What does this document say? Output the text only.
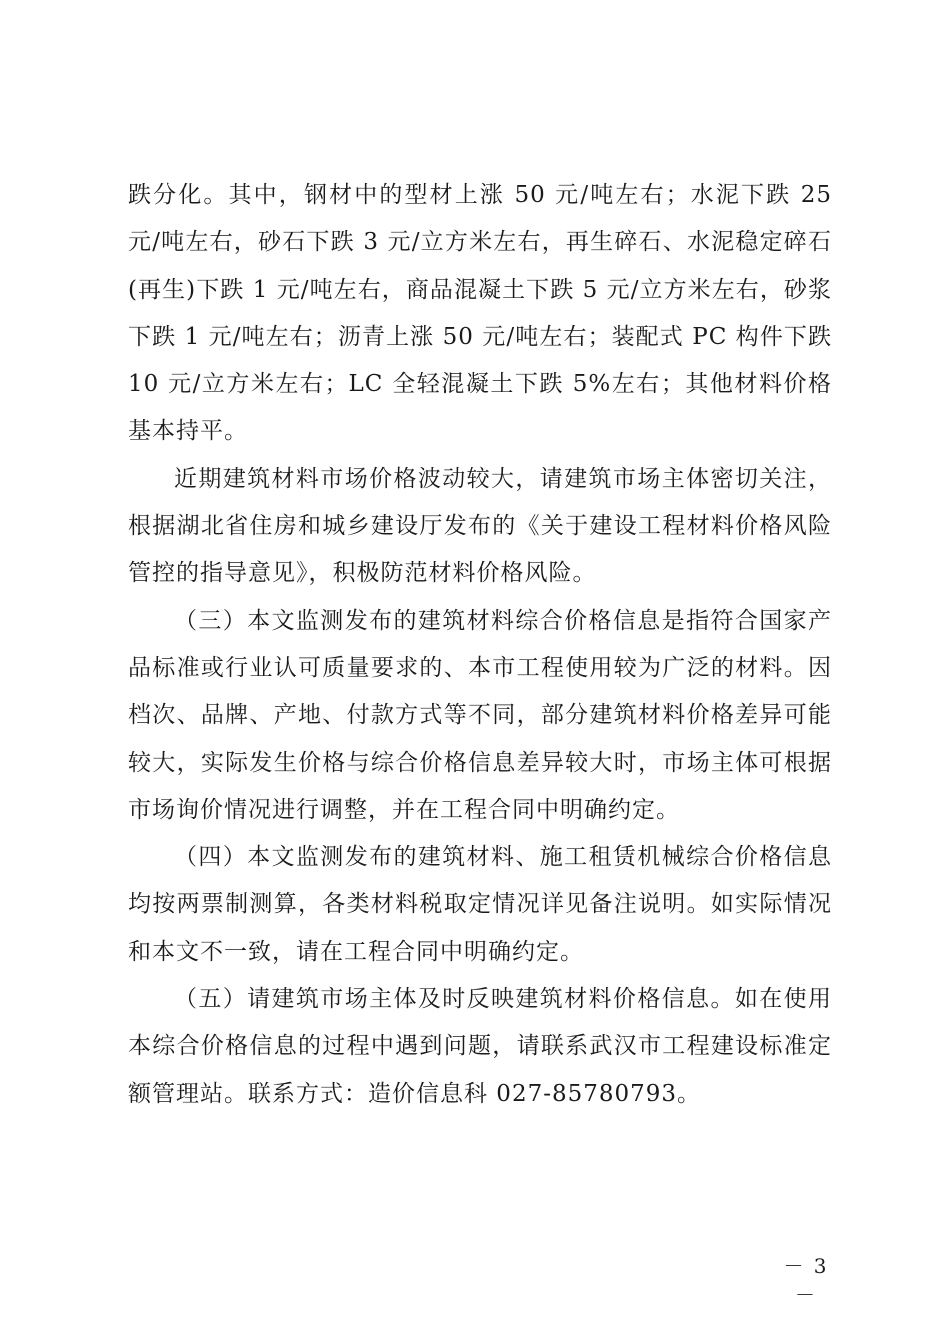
跌分化。其中，钢材中的型材上涨 50 元/吨左右；水泥下跌 25 元/吨左右，砂石下跌 3 元/立方米左右，再生碎石、水泥稳定碎石(再生)下跌 1 元/吨左右，商品混凝土下跌 5 元/立方米左右，砂浆下跌 1 元/吨左右；沥青上涨 50 元/吨左右；装配式 PC 构件下跌 10 元/立方米左右；LC 全轻混凝土下跌 5%左右；其他材料价格基本持平。

近期建筑材料市场价格波动较大，请建筑市场主体密切关注，根据湖北省住房和城乡建设厅发布的《关于建设工程材料价格风险管控的指导意见》，积极防范材料价格风险。

（三）本文监测发布的建筑材料综合价格信息是指符合国家产品标准或行业认可质量要求的、本市工程使用较为广泛的材料。因档次、品牌、产地、付款方式等不同，部分建筑材料价格差异可能较大，实际发生价格与综合价格信息差异较大时，市场主体可根据市场询价情况进行调整，并在工程合同中明确约定。

（四）本文监测发布的建筑材料、施工租赁机械综合价格信息均按两票制测算，各类材料税取定情况详见备注说明。如实际情况和本文不一致，请在工程合同中明确约定。

（五）请建筑市场主体及时反映建筑材料价格信息。如在使用本综合价格信息的过程中遇到问题，请联系武汉市工程建设标准定额管理站。联系方式：造价信息科 027-85780793。

－ 3 －
